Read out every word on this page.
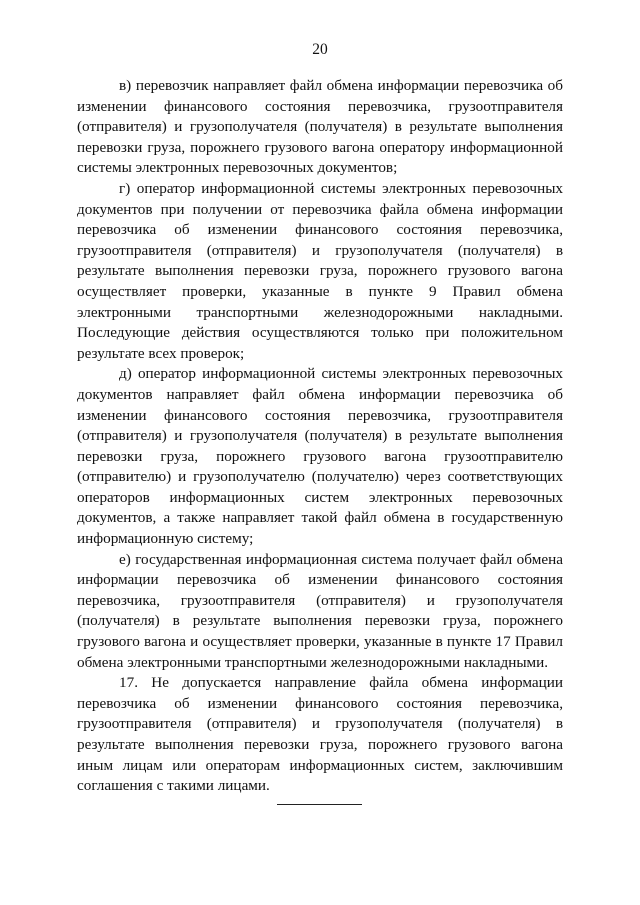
20

в) перевозчик направляет файл обмена информации перевозчика об изменении финансового состояния перевозчика, грузоотправителя (отправителя) и грузополучателя (получателя) в результате выполнения перевозки груза, порожнего грузового вагона оператору информационной системы электронных перевозочных документов;

г) оператор информационной системы электронных перевозочных документов при получении от перевозчика файла обмена информации перевозчика об изменении финансового состояния перевозчика, грузоотправителя (отправителя) и грузополучателя (получателя) в результате выполнения перевозки груза, порожнего грузового вагона осуществляет проверки, указанные в пункте 9 Правил обмена электронными транспортными железнодорожными накладными. Последующие действия осуществляются только при положительном результате всех проверок;

д) оператор информационной системы электронных перевозочных документов направляет файл обмена информации перевозчика об изменении финансового состояния перевозчика, грузоотправителя (отправителя) и грузополучателя (получателя) в результате выполнения перевозки груза, порожнего грузового вагона грузоотправителю (отправителю) и грузополучателю (получателю) через соответствующих операторов информационных систем электронных перевозочных документов, а также направляет такой файл обмена в государственную информационную систему;

е) государственная информационная система получает файл обмена информации перевозчика об изменении финансового состояния перевозчика, грузоотправителя (отправителя) и грузополучателя (получателя) в результате выполнения перевозки груза, порожнего грузового вагона и осуществляет проверки, указанные в пункте 17 Правил обмена электронными транспортными железнодорожными накладными.

17. Не допускается направление файла обмена информации перевозчика об изменении финансового состояния перевозчика, грузоотправителя (отправителя) и грузополучателя (получателя) в результате выполнения перевозки груза, порожнего грузового вагона иным лицам или операторам информационных систем, заключившим соглашения с такими лицами.
